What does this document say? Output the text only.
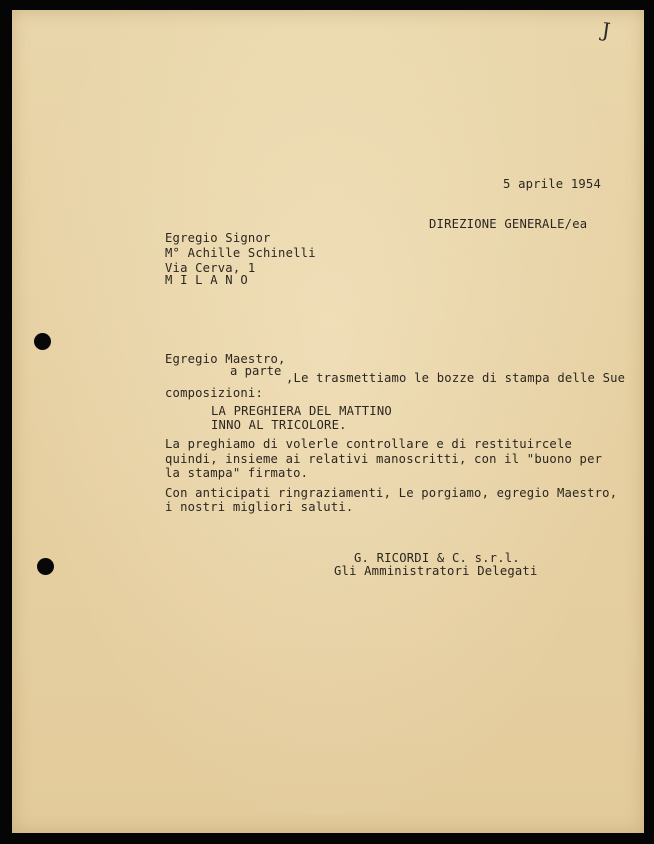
J
5 aprile 1954
DIREZIONE GENERALE/ea
Egregio Signor
M° Achille Schinelli
Via Cerva, 1
M I L A N O
Egregio Maestro,
a parte ,Le trasmettiamo le bozze di stampa delle Sue
composizioni:
LA PREGHIERA DEL MATTINO
INNO AL TRICOLORE.
La preghiamo di volerle controllare e di restituircele
quindi, insieme ai relativi manoscritti, con il "buono per
la stampa" firmato.
Con anticipati ringraziamenti, Le porgiamo, egregio Maestro,
i nostri migliori saluti.
G. RICORDI & C. s.r.l.
Gli Amministratori Delegati
